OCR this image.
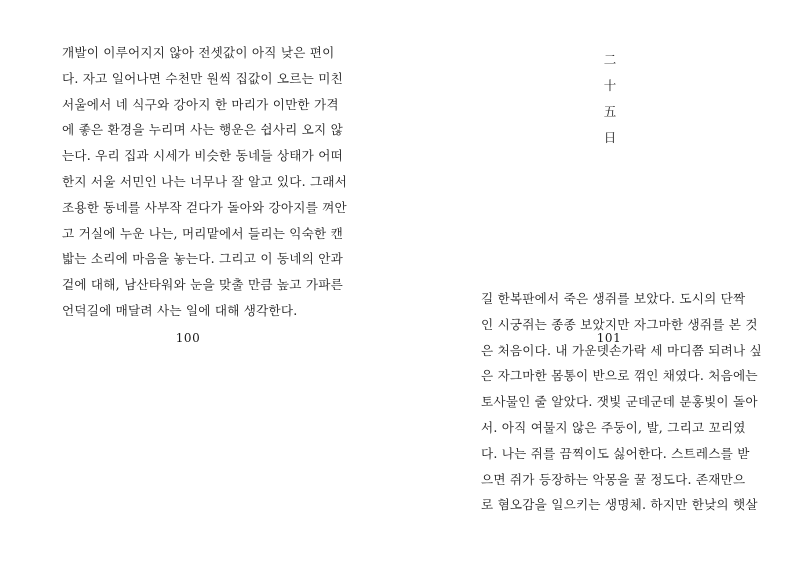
개발이 이루어지지 않아 전셋값이 아직 낮은 편이
다. 자고 일어나면 수천만 원씩 집값이 오르는 미친
서울에서 네 식구와 강아지 한 마리가 이만한 가격
에 좋은 환경을 누리며 사는 행운은 쉽사리 오지 않
는다. 우리 집과 시세가 비슷한 동네들 상태가 어떠
한지 서울 서민인 나는 너무나 잘 알고 있다. 그래서
조용한 동네를 사부작 걷다가 돌아와 강아지를 껴안
고 거실에 누운 나는, 머리맡에서 들리는 익숙한 캔
밟는 소리에 마음을 놓는다. 그리고 이 동네의 안과
겉에 대해, 남산타워와 눈을 맞출 만큼 높고 가파른
언덕길에 매달려 사는 일에 대해 생각한다.
100
二
十
五
日
길 한복판에서 죽은 생쥐를 보았다. 도시의 단짝
인 시궁쥐는 종종 보았지만 자그마한 생쥐를 본 것
은 처음이다. 내 가운뎃손가락 세 마디쯤 되려나 싶
은 자그마한 몸통이 반으로 꺾인 채였다. 처음에는
토사물인 줄 알았다. 잿빛 군데군데 분홍빛이 돌아
서. 아직 여물지 않은 주둥이, 발, 그리고 꼬리였
다. 나는 쥐를 끔찍이도 싫어한다. 스트레스를 받
으면 쥐가 등장하는 악몽을 꿀 정도다. 존재만으
로 혐오감을 일으키는 생명체. 하지만 한낮의 햇살
101
